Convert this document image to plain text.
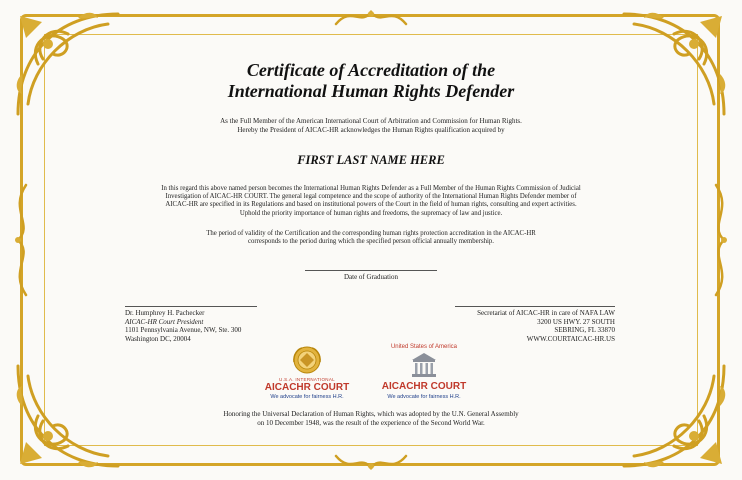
Certificate of Accreditation of the
International Human Rights Defender
As the Full Member of the American International Court of Arbitration and Commission for Human Rights.
Hereby the President of AICAC-HR acknowledges the Human Rights qualification acquired by
FIRST LAST NAME HERE
In this regard this above named person becomes the International Human Rights Defender as a Full Member of the Human Rights Commission of Judicial
Investigation of AICAC-HR COURT. The general legal competence and the scope of authority of the International Human Rights Defender member of
AICAC-HR are specified in its Regulations and based on institutional powers of the Court in the field of human rights, consulting and expert activities.
Uphold the priority importance of human rights and freedoms, the supremacy of law and justice.
The period of validity of the Certification and the corresponding human rights protection accreditation in the AICAC-HR
corresponds to the period during which the specified person official annually membership.
Date of Graduation
Dr. Humphrey H. Pachecker
AICAC-HR Court President
1101 Pennsylvania Avenue, NW, Ste. 300
Washington DC, 20004
Secretariat of AICAC-HR in care of NAFA LAW
3200 US HWY. 27 SOUTH
SEBRING, FL 33870
WWW.COURTAICAC-HR.US
U.S.A. INTERNATIONAL
AICACHR COURT
We advocate for fairness H.R.
United States of America
AICACHR COURT
We advocate for fairness H.R.
Honoring the Universal Declaration of Human Rights, which was adopted by the U.N. General Assembly
on 10 December 1948, was the result of the experience of the Second World War.
